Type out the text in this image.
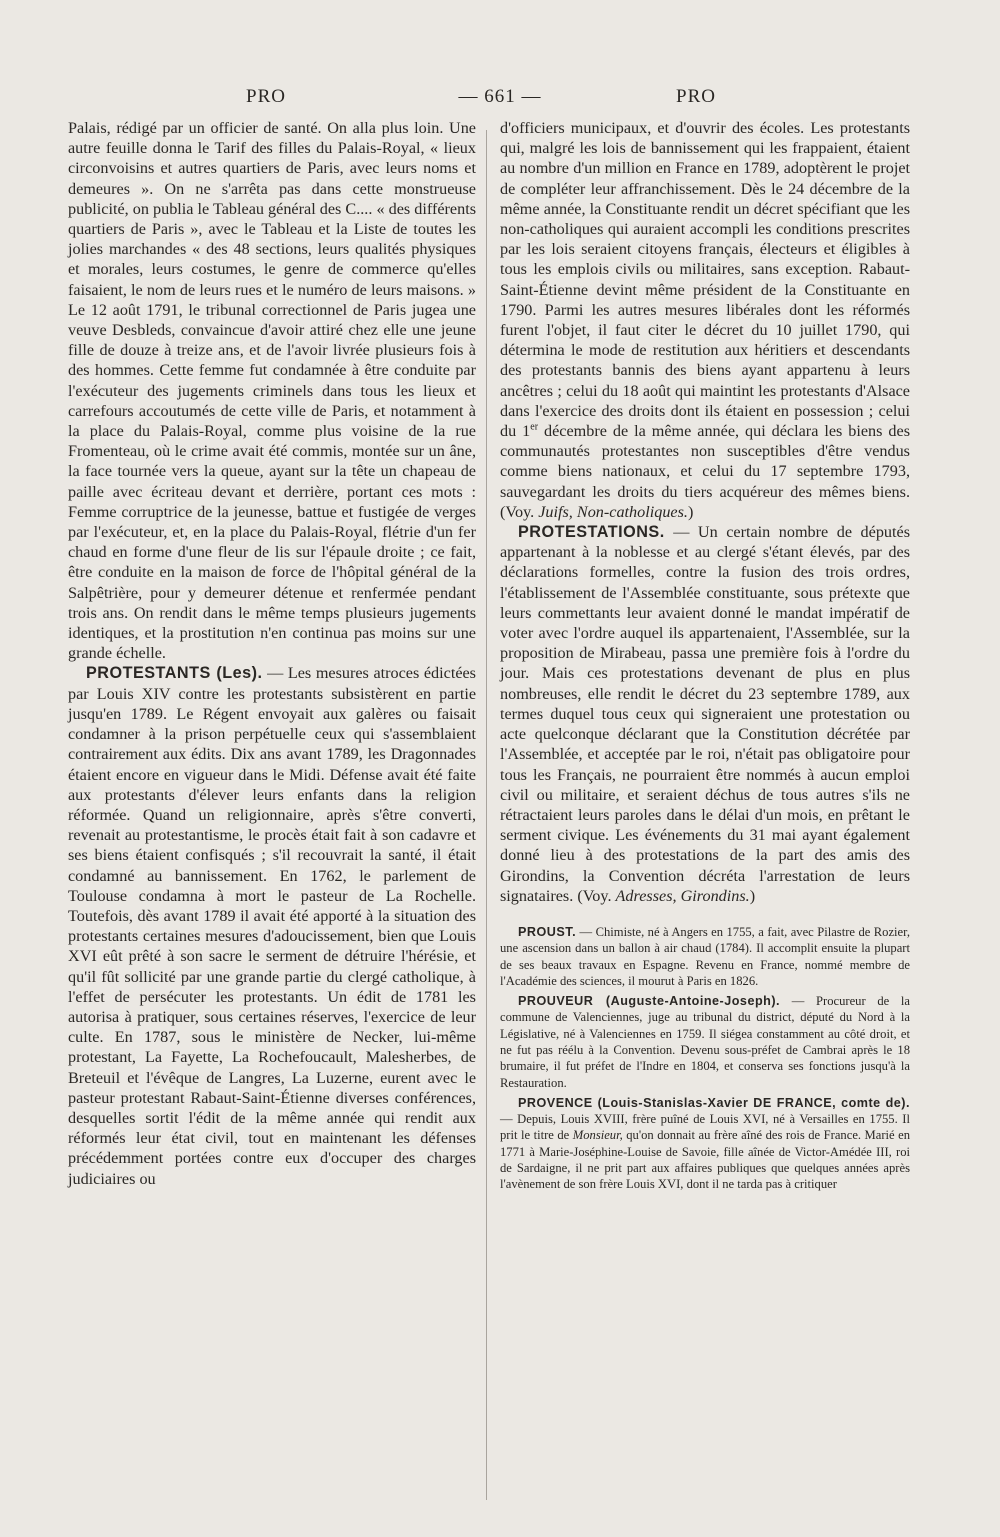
PRO	— 661 —	PRO

Palais, rédigé par un officier de santé. On alla plus loin. Une autre feuille donna le Tarif des filles du Palais-Royal, « lieux circonvoisins et autres quartiers de Paris, avec leurs noms et demeures ». On ne s'arrêta pas dans cette monstrueuse publicité, on publia le Tableau général des C.... « des différents quartiers de Paris », avec le Tableau et la Liste de toutes les jolies marchandes « des 48 sections, leurs qualités physiques et morales, leurs costumes, le genre de commerce qu'elles faisaient, le nom de leurs rues et le numéro de leurs maisons. » Le 12 août 1791, le tribunal correctionnel de Paris jugea une veuve Desbleds, convaincue d'avoir attiré chez elle une jeune fille de douze à treize ans, et de l'avoir livrée plusieurs fois à des hommes. Cette femme fut condamnée à être conduite par l'exécuteur des jugements criminels dans tous les lieux et carrefours accoutumés de cette ville de Paris, et notamment à la place du Palais-Royal, comme plus voisine de la rue Fromenteau, où le crime avait été commis, montée sur un âne, la face tournée vers la queue, ayant sur la tête un chapeau de paille avec écriteau devant et derrière, portant ces mots : Femme corruptrice de la jeunesse, battue et fustigée de verges par l'exécuteur, et, en la place du Palais-Royal, flétrie d'un fer chaud en forme d'une fleur de lis sur l'épaule droite ; ce fait, être conduite en la maison de force de l'hôpital général de la Salpêtrière, pour y demeurer détenue et renfermée pendant trois ans. On rendit dans le même temps plusieurs jugements identiques, et la prostitution n'en continua pas moins sur une grande échelle.

PROTESTANTS (Les). — Les mesures atroces édictées par Louis XIV contre les protestants subsistèrent en partie jusqu'en 1789. Le Régent envoyait aux galères ou faisait condamner à la prison perpétuelle ceux qui s'assemblaient contrairement aux édits. Dix ans avant 1789, les Dragonnades étaient encore en vigueur dans le Midi. Défense avait été faite aux protestants d'élever leurs enfants dans la religion réformée. Quand un religionnaire, après s'être converti, revenait au protestantisme, le procès était fait à son cadavre et ses biens étaient confisqués ; s'il recouvrait la santé, il était condamné au bannissement. En 1762, le parlement de Toulouse condamna à mort le pasteur de La Rochelle. Toutefois, dès avant 1789 il avait été apporté à la situation des protestants certaines mesures d'adoucissement, bien que Louis XVI eût prêté à son sacre le serment de détruire l'hérésie, et qu'il fût sollicité par une grande partie du clergé catholique, à l'effet de persécuter les protestants. Un édit de 1781 les autorisa à pratiquer, sous certaines réserves, l'exercice de leur culte. En 1787, sous le ministère de Necker, lui-même protestant, La Fayette, La Rochefoucault, Malesherbes, de Breteuil et l'évêque de Langres, La Luzerne, eurent avec le pasteur protestant Rabaut-Saint-Étienne diverses conférences, desquelles sortit l'édit de la même année qui rendit aux réformés leur état civil, tout en maintenant les défenses précédemment portées contre eux d'occuper des charges judiciaires ou

d'officiers municipaux, et d'ouvrir des écoles. Les protestants qui, malgré les lois de bannissement qui les frappaient, étaient au nombre d'un million en France en 1789, adoptèrent le projet de compléter leur affranchissement. Dès le 24 décembre de la même année, la Constituante rendit un décret spécifiant que les non-catholiques qui auraient accompli les conditions prescrites par les lois seraient citoyens français, électeurs et éligibles à tous les emplois civils ou militaires, sans exception. Rabaut-Saint-Étienne devint même président de la Constituante en 1790. Parmi les autres mesures libérales dont les réformés furent l'objet, il faut citer le décret du 10 juillet 1790, qui détermina le mode de restitution aux héritiers et descendants des protestants bannis des biens ayant appartenu à leurs ancêtres ; celui du 18 août qui maintint les protestants d'Alsace dans l'exercice des droits dont ils étaient en possession ; celui du 1er décembre de la même année, qui déclara les biens des communautés protestantes non susceptibles d'être vendus comme biens nationaux, et celui du 17 septembre 1793, sauvegardant les droits du tiers acquéreur des mêmes biens. (Voy. Juifs, Non-catholiques.)

PROTESTATIONS. — Un certain nombre de députés appartenant à la noblesse et au clergé s'étant élevés, par des déclarations formelles, contre la fusion des trois ordres, l'établissement de l'Assemblée constituante, sous prétexte que leurs commettants leur avaient donné le mandat impératif de voter avec l'ordre auquel ils appartenaient, l'Assemblée, sur la proposition de Mirabeau, passa une première fois à l'ordre du jour. Mais ces protestations devenant de plus en plus nombreuses, elle rendit le décret du 23 septembre 1789, aux termes duquel tous ceux qui signeraient une protestation ou acte quelconque déclarant que la Constitution décrétée par l'Assemblée, et acceptée par le roi, n'était pas obligatoire pour tous les Français, ne pourraient être nommés à aucun emploi civil ou militaire, et seraient déchus de tous autres s'ils ne rétractaient leurs paroles dans le délai d'un mois, en prêtant le serment civique. Les événements du 31 mai ayant également donné lieu à des protestations de la part des amis des Girondins, la Convention décréta l'arrestation de leurs signataires. (Voy. Adresses, Girondins.)

PROUST. — Chimiste, né à Angers en 1755, a fait, avec Pilastre de Rozier, une ascension dans un ballon à air chaud (1784). Il accomplit ensuite la plupart de ses beaux travaux en Espagne. Revenu en France, nommé membre de l'Académie des sciences, il mourut à Paris en 1826.

PROUVEUR (Auguste-Antoine-Joseph). — Procureur de la commune de Valenciennes, juge au tribunal du district, député du Nord à la Législative, né à Valenciennes en 1759. Il siégea constamment au côté droit, et ne fut pas réélu à la Convention. Devenu sous-préfet de Cambrai après le 18 brumaire, il fut préfet de l'Indre en 1804, et conserva ses fonctions jusqu'à la Restauration.

PROVENCE (Louis-Stanislas-Xavier DE FRANCE, comte de). — Depuis, Louis XVIII, frère puîné de Louis XVI, né à Versailles en 1755. Il prit le titre de Monsieur, qu'on donnait au frère aîné des rois de France. Marié en 1771 à Marie-Joséphine-Louise de Savoie, fille aînée de Victor-Amédée III, roi de Sardaigne, il ne prit part aux affaires publiques que quelques années après l'avènement de son frère Louis XVI, dont il ne tarda pas à critiquer
